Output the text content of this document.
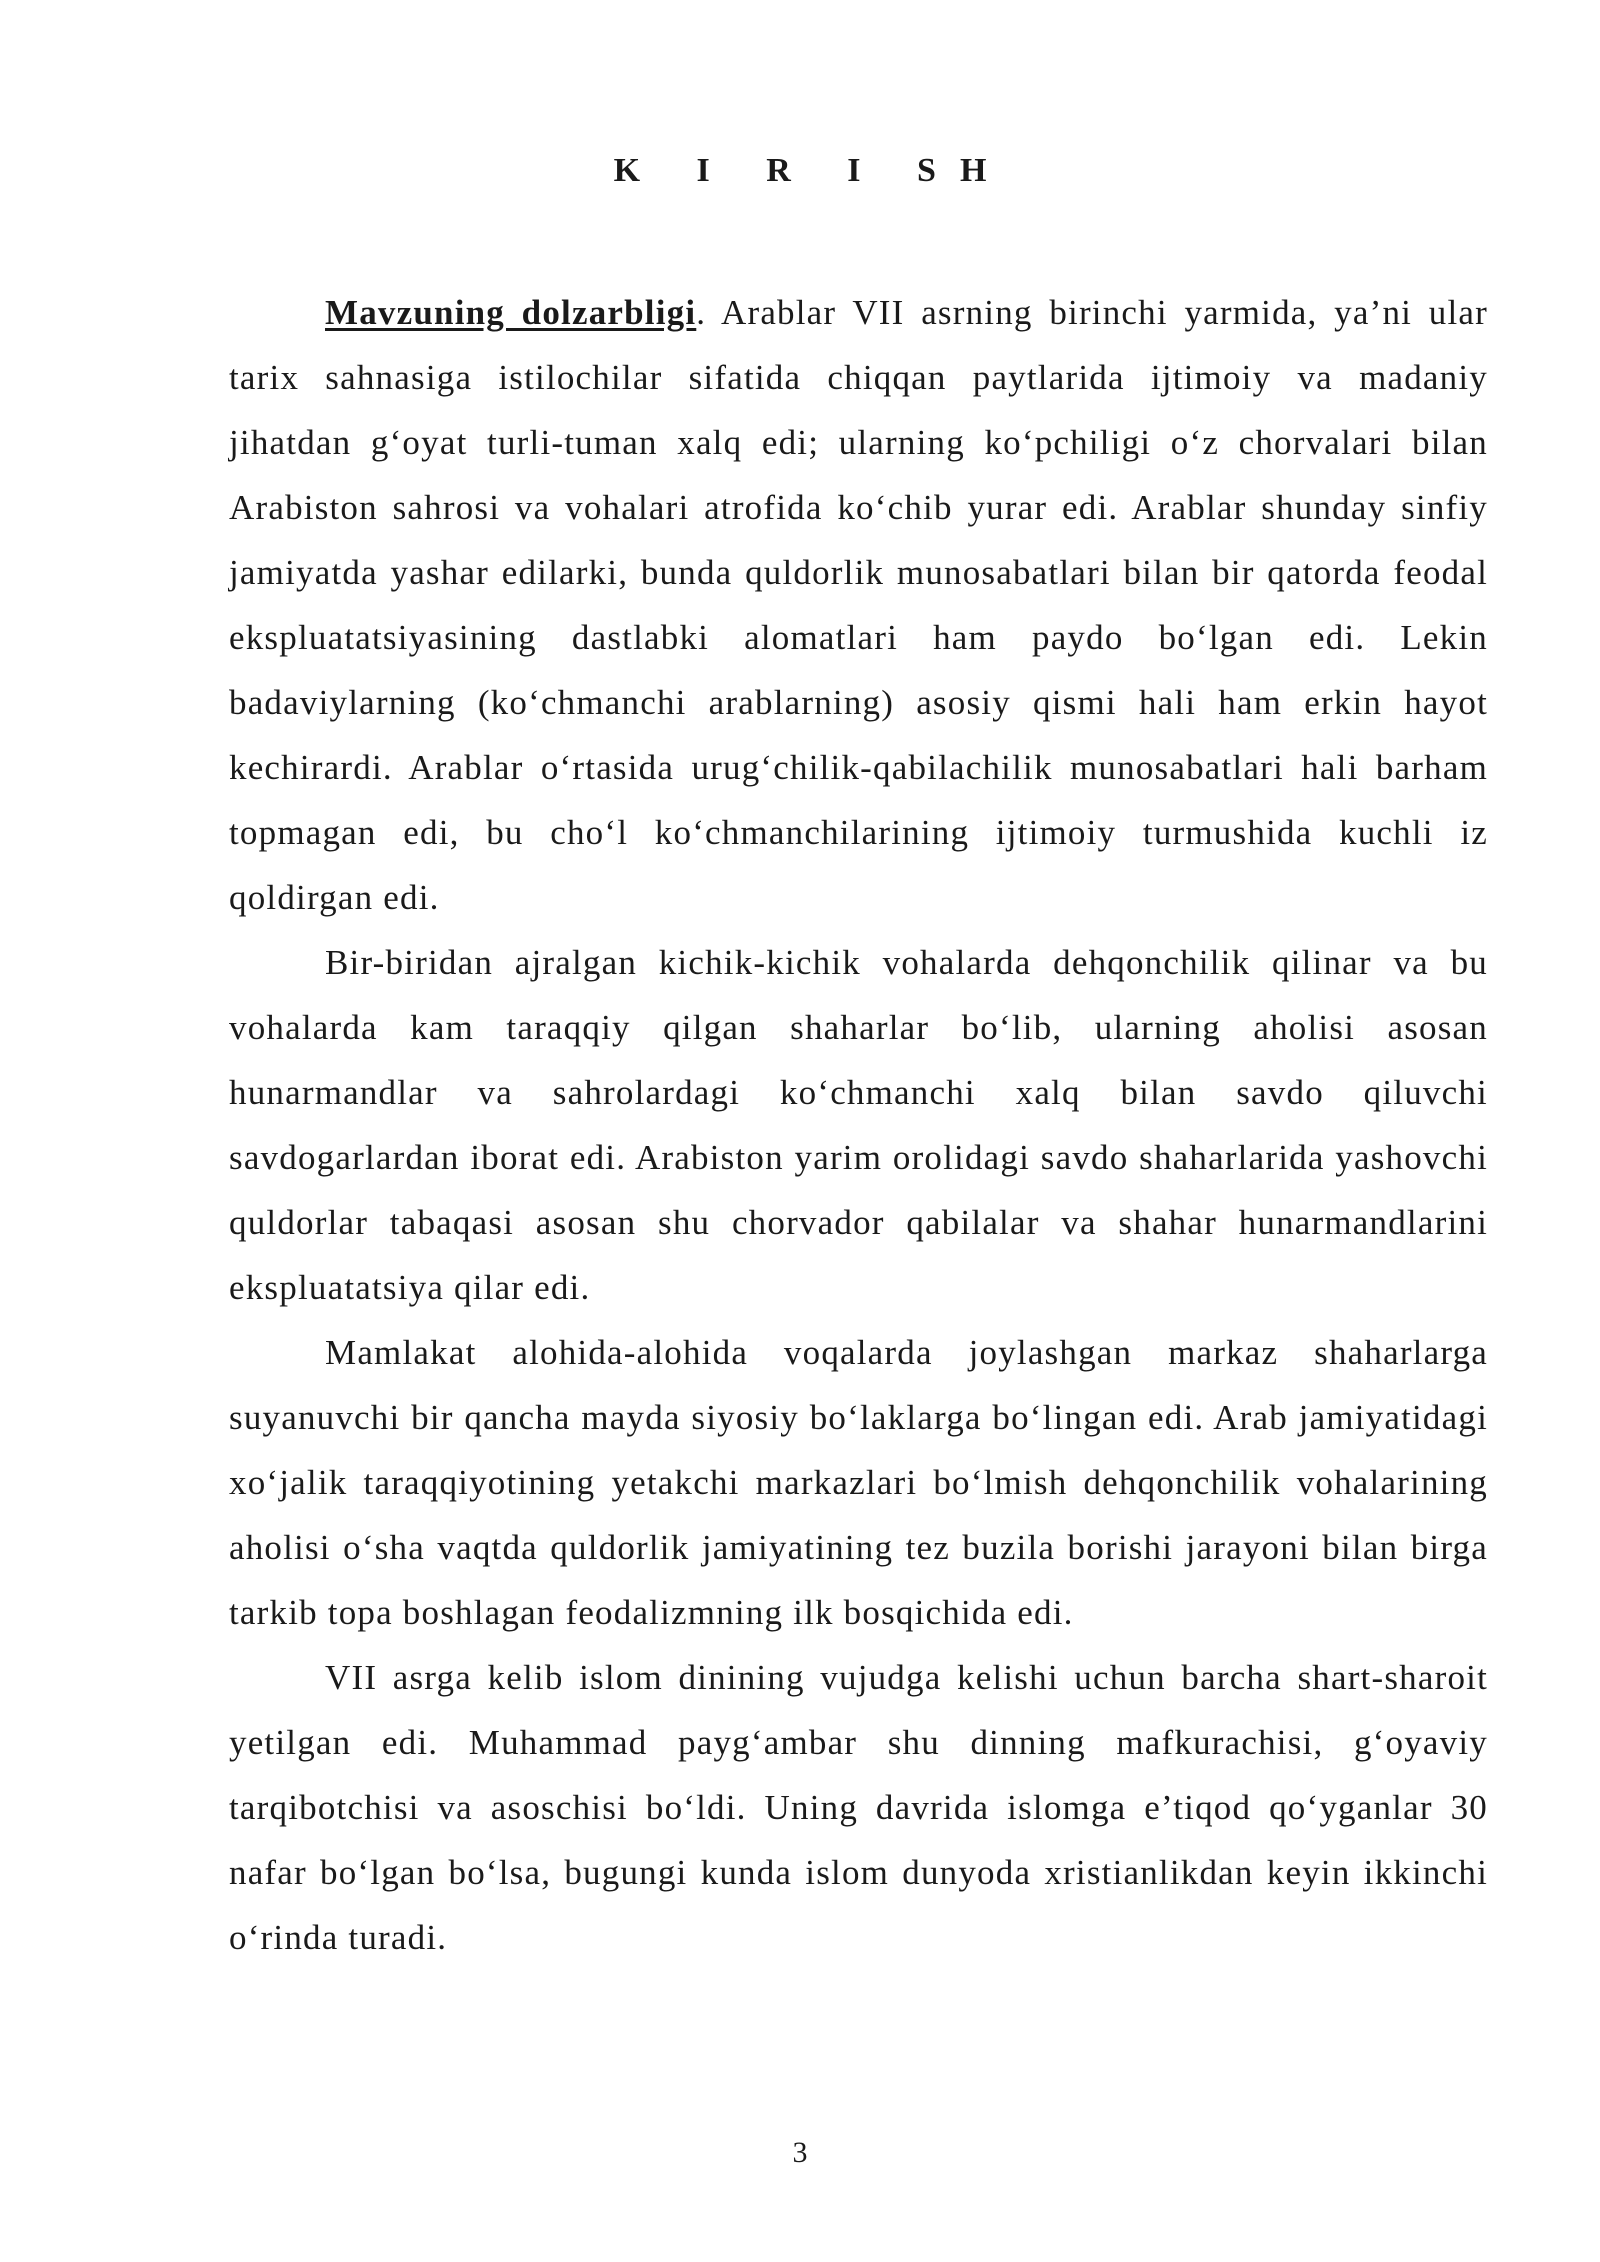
K I R I SH

Mavzuning dolzarbligi. Arablar VII asrning birinchi yarmida, ya’ni ular tarix sahnasiga istilochilar sifatida chiqqan paytlarida ijtimoiy va madaniy jihatdan g‘oyat turli-tuman xalq edi; ularning ko‘pchiligi o‘z chorvalari bilan Arabiston sahrosi va vohalari atrofida ko‘chib yurar edi. Arablar shunday sinfiy jamiyatda yashar edilarki, bunda quldorlik munosabatlari bilan bir qatorda feodal ekspluatatsiyasining dastlabki alomatlari ham paydo bo‘lgan edi. Lekin badaviylarning (ko‘chmanchi arablarning) asosiy qismi hali ham erkin hayot kechirardi. Arablar o‘rtasida urug‘chilik-qabilachilik munosabatlari hali barham topmagan edi, bu cho‘l ko‘chmanchilarining ijtimoiy turmushida kuchli iz qoldirgan edi.

Bir-biridan ajralgan kichik-kichik vohalarda dehqonchilik qilinar va bu vohalarda kam taraqqiy qilgan shaharlar bo‘lib, ularning aholisi asosan hunarmandlar va sahrolardagi ko‘chmanchi xalq bilan savdo qiluvchi savdogarlardan iborat edi. Arabiston yarim orolidagi savdo shaharlarida yashovchi quldorlar tabaqasi asosan shu chorvador qabilalar va shahar hunarmandlarini ekspluatatsiya qilar edi.

Mamlakat alohida-alohida voqalarda joylashgan markaz shaharlarga suyanuvchi bir qancha mayda siyosiy bo‘laklarga bo‘lingan edi. Arab jamiyatidagi xo‘jalik taraqqiyotining yetakchi markazlari bo‘lmish dehqonchilik vohalarining aholisi o‘sha vaqtda quldorlik jamiyatining tez buzila borishi jarayoni bilan birga tarkib topa boshlagan feodalizmning ilk bosqichida edi.

VII asrga kelib islom dinining vujudga kelishi uchun barcha shart-sharoit yetilgan edi. Muhammad payg‘ambar shu dinning mafkurachisi, g‘oyaviy tarqibotchisi va asoschisi bo‘ldi. Uning davrida islomga e’tiqod qo‘yganlar 30 nafar bo‘lgan bo‘lsa, bugungi kunda islom dunyoda xristianlikdan keyin ikkinchi o‘rinda turadi.

3
